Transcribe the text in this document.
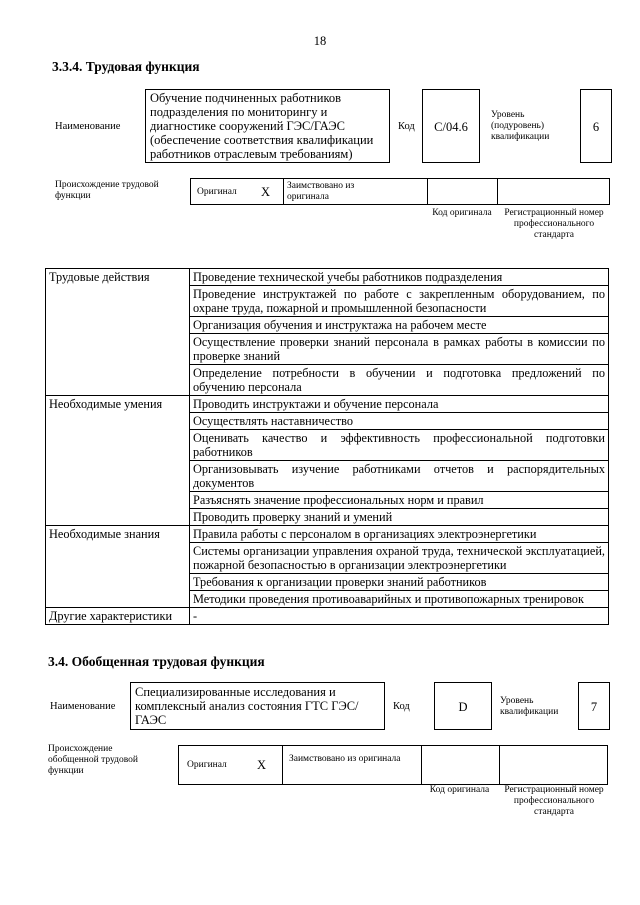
18
3.3.4. Трудовая функция
Наименование
Обучение подчиненных работников подразделения по мониторингу и диагностике сооружений ГЭС/ГАЭС (обеспечение соответствия квалификации работников отраслевым требованиям)
Код	C/04.6
Уровень (подуровень) квалификации
6
Происхождение трудовой функции	Оригинал X Заимствовано из оригинала
Код оригинала	Регистрационный номер профессионального стандарта
Трудовые действия	Проведение технической учебы работников подразделения
	Проведение инструктажей по работе с закрепленным оборудованием, по охране труда, пожарной и промышленной безопасности
	Организация обучения и инструктажа на рабочем месте
	Осуществление проверки знаний персонала в рамках работы в комиссии по проверке знаний
	Определение потребности в обучении и подготовка предложений по обучению персонала
Необходимые умения	Проводить инструктажи и обучение персонала
	Осуществлять наставничество
	Оценивать качество и эффективность профессиональной подготовки работников
	Организовывать изучение работниками отчетов и распорядительных документов
	Разъяснять значение профессиональных норм и правил
	Проводить проверку знаний и умений
Необходимые знания	Правила работы с персоналом в организациях электроэнергетики
	Системы организации управления охраной труда, технической эксплуатацией, пожарной безопасностью в организации электроэнергетики
	Требования к организации проверки знаний работников
	Методики проведения противоаварийных и противопожарных тренировок
Другие характеристики	-
3.4. Обобщенная трудовая функция
Наименование
Специализированные исследования и комплексный анализ состояния ГТС ГЭС/ГАЭС
Код	D	Уровень квалификации	7
Происхождение обобщенной трудовой функции
Оригинал X Заимствовано из оригинала
Код оригинала	Регистрационный номер профессионального стандарта
